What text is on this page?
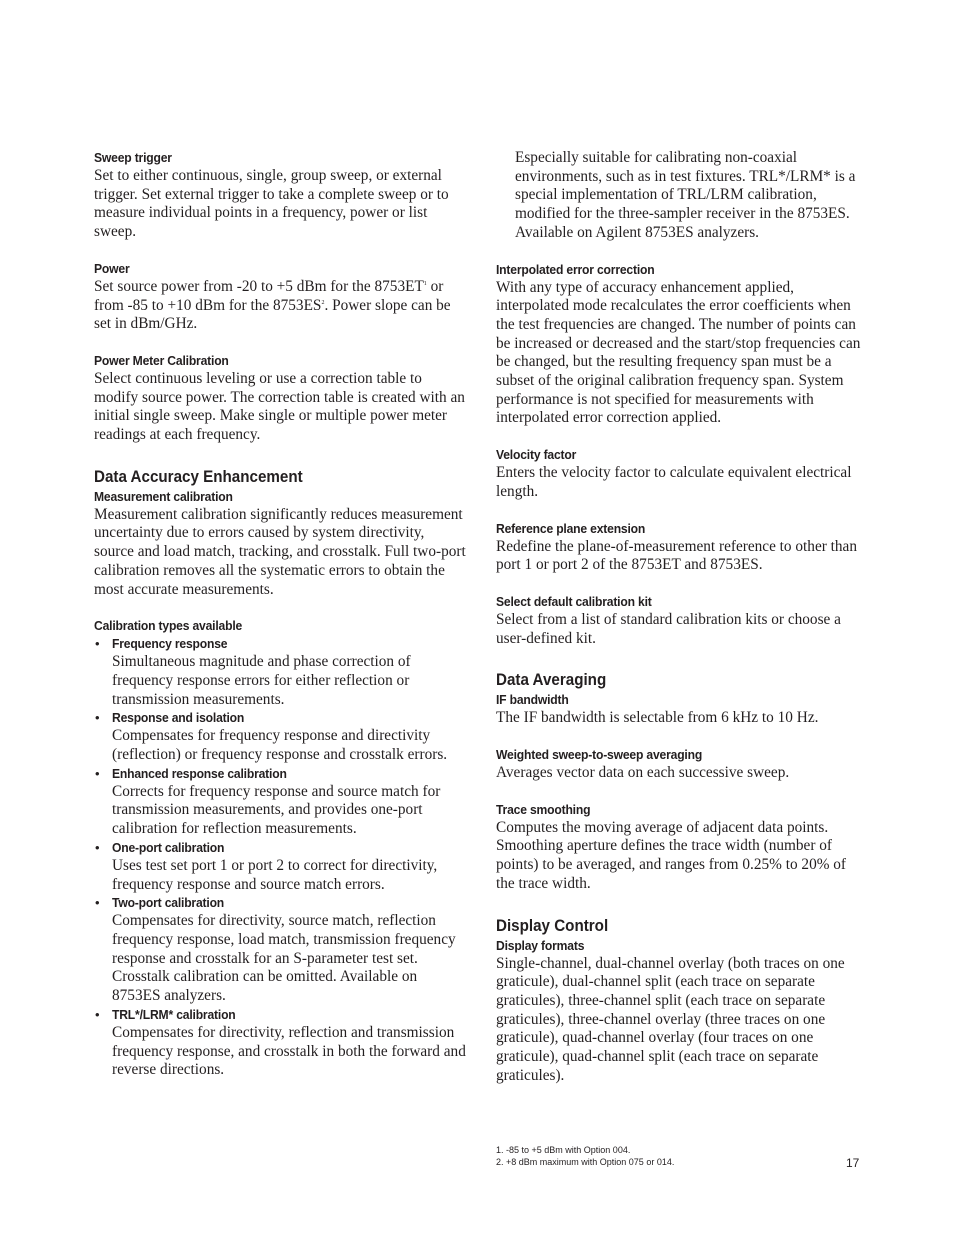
Sweep trigger

Set to either continuous, single, group sweep, or external trigger. Set external trigger to take a complete sweep or to measure individual points in a frequency, power or list sweep.

Power

Set source power from -20 to +5 dBm for the $8753ET^1$ or from -85 to +10 dBm for the $8753ES^2$. Power slope can be set in dBm/GHz.

Power Meter Calibration

Select continuous leveling or use a correction table to modify source power. The correction table is created with an initial single sweep. Make single or multiple power meter readings at each frequency.

Data Accuracy Enhancement

Measurement calibration

Measurement calibration significantly reduces measurement uncertainty due to errors caused by system directivity, source and load match, tracking, and crosstalk. Full two-port calibration removes all the systematic errors to obtain the most accurate measurements.

Calibration types available

• Frequency response

Simultaneous magnitude and phase correction of frequency response errors for either reflection or transmission measurements.

• Response and isolation

Compensates for frequency response and directivity (reflection) or frequency response and crosstalk errors.

• Enhanced response calibration

Corrects for frequency response and source match for transmission measurements, and provides one-port calibration for reflection measurements.

• One-port calibration

Uses test set port 1 or port 2 to correct for directivity, frequency response and source match errors.

• Two-port calibration

Compensates for directivity, source match, reflection frequency response, load match, transmission frequency response and crosstalk for an S-parameter test set. Crosstalk calibration can be omitted. Available on 8753ES analyzers.

• TRL*/LRM* calibration

Compensates for directivity, reflection and transmission frequency response, and crosstalk in both the forward and reverse directions.

Especially suitable for calibrating non-coaxial environments, such as in test fixtures. TRL*/LRM* is a special implementation of TRL/LRM calibration, modified for the three-sampler receiver in the 8753ES. Available on Agilent 8753ES analyzers.

Interpolated error correction

With any type of accuracy enhancement applied, interpolated mode recalculates the error coefficients when the test frequencies are changed. The number of points can be increased or decreased and the start/stop frequencies can be changed, but the resulting frequency span must be a subset of the original calibration frequency span. System performance is not specified for measurements with interpolated error correction applied.

Velocity factor

Enters the velocity factor to calculate equivalent electrical length.

Reference plane extension

Redefine the plane-of-measurement reference to other than port 1 or port 2 of the 8753ET and 8753ES.

Select default calibration kit

Select from a list of standard calibration kits or choose a user-defined kit.

Data Averaging

IF bandwidth

The IF bandwidth is selectable from 6 kHz to 10 Hz.

Weighted sweep-to-sweep averaging

Averages vector data on each successive sweep.

Trace smoothing

Computes the moving average of adjacent data points. Smoothing aperture defines the trace width (number of points) to be averaged, and ranges from 0.25% to 20% of the trace width.

Display Control

Display formats

Single-channel, dual-channel overlay (both traces on one graticule), dual-channel split (each trace on separate graticules), three-channel split (each trace on separate graticules), three-channel overlay (three traces on one graticule), quad-channel overlay (four traces on one graticule), quad-channel split (each trace on separate graticules).

1. -85 to +5 dBm with Option 004.
2. +8 dBm maximum with Option 075 or 014.	17
